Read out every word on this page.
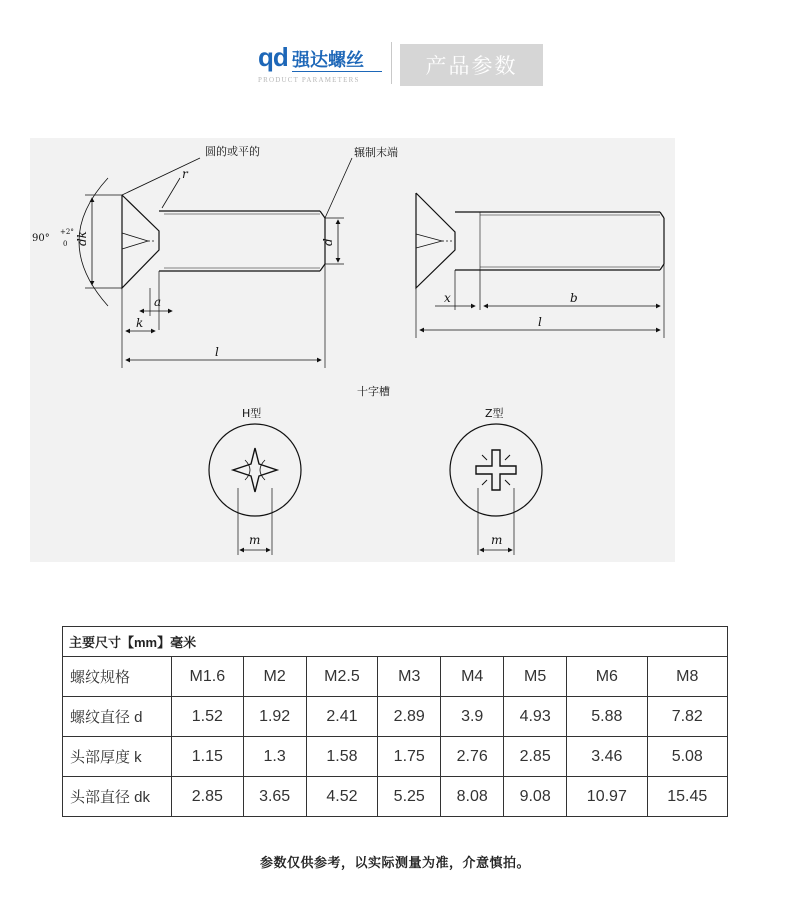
qd 强达螺丝
PRODUCT PARAMETERS
产品参数
圆的或平的	辗制末端
90°
+2°
0
r
dk	d
a
k
l
x	b
l
十字槽
H型	Z型
m	m
主要尺寸【mm】毫米								
螺纹规格	M1.6	M2	M2.5	M3	M4	M5	M6	M8
螺纹直径 d	1.52	1.92	2.41	2.89	3.9	4.93	5.88	7.82
头部厚度 k	1.15	1.3	1.58	1.75	2.76	2.85	3.46	5.08
头部直径 dk	2.85	3.65	4.52	5.25	8.08	9.08	10.97	15.45
参数仅供参考，以实际测量为准，介意慎拍。
